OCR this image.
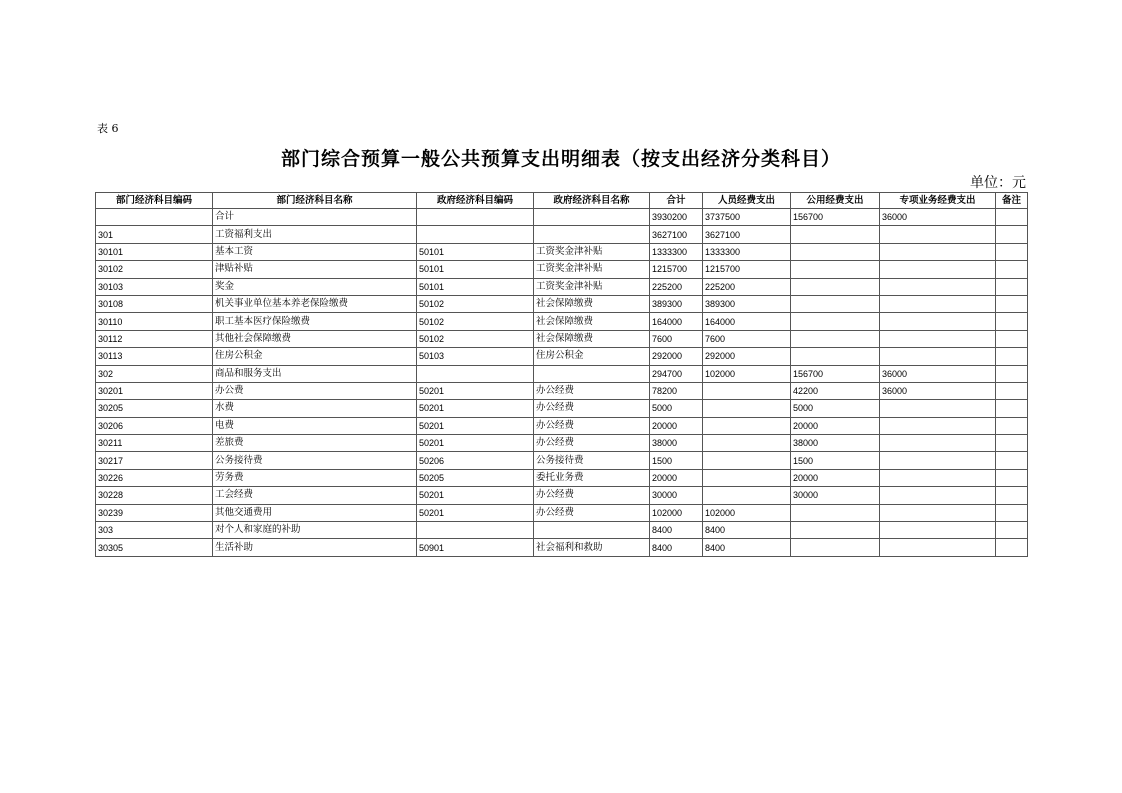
表 6
部门综合预算一般公共预算支出明细表（按支出经济分类科目）
单位：元
部门经济科目编码	部门经济科目名称	政府经济科目编码	政府经济科目名称	合计	人员经费支出	公用经费支出	专项业务经费支出	备注
	合计			3930200	3737500	156700	36000	
301	工资福利支出			3627100	3627100			
30101	基本工资	50101	工资奖金津补贴	1333300	1333300			
30102	津贴补贴	50101	工资奖金津补贴	1215700	1215700			
30103	奖金	50101	工资奖金津补贴	225200	225200			
30108	机关事业单位基本养老保险缴费	50102	社会保障缴费	389300	389300			
30110	职工基本医疗保险缴费	50102	社会保障缴费	164000	164000			
30112	其他社会保障缴费	50102	社会保障缴费	7600	7600			
30113	住房公积金	50103	住房公积金	292000	292000			
302	商品和服务支出			294700	102000	156700	36000	
30201	办公费	50201	办公经费	78200		42200	36000	
30205	水费	50201	办公经费	5000		5000		
30206	电费	50201	办公经费	20000		20000		
30211	差旅费	50201	办公经费	38000		38000		
30217	公务接待费	50206	公务接待费	1500		1500		
30226	劳务费	50205	委托业务费	20000		20000		
30228	工会经费	50201	办公经费	30000		30000		
30239	其他交通费用	50201	办公经费	102000	102000			
303	对个人和家庭的补助			8400	8400			
30305	生活补助	50901	社会福利和救助	8400	8400			
